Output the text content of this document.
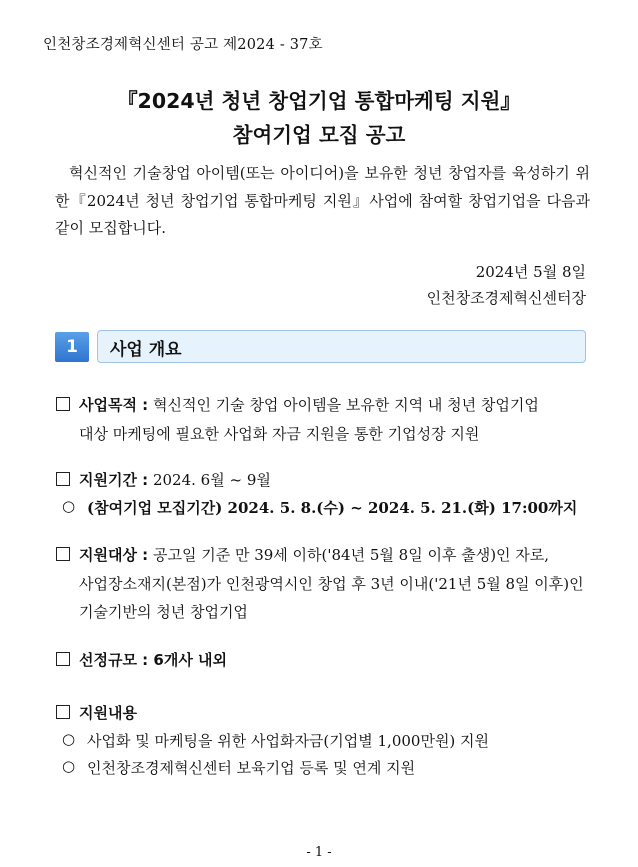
인천창조경제혁신센터 공고 제2024 - 37호
『2024년 청년 창업기업 통합마케팅 지원』
참여기업 모집 공고
혁신적인 기술창업 아이템(또는 아이디어)을 보유한 청년 창업자를 육성하기 위한『2024년 청년 창업기업 통합마케팅 지원』사업에 참여할 창업기업을 다음과 같이 모집합니다.
2024년 5월 8일
인천창조경제혁신센터장
1	사업 개요
사업목적 : 혁신적인 기술 창업 아이템을 보유한 지역 내 청년 창업기업
대상 마케팅에 필요한 사업화 자금 지원을 통한 기업성장 지원
지원기간 : 2024. 6월 ~ 9월
○ (참여기업 모집기간) 2024. 5. 8.(수) ~ 2024. 5. 21.(화) 17:00까지
지원대상 : 공고일 기준 만 39세 이하('84년 5월 8일 이후 출생)인 자로,
사업장소재지(본점)가 인천광역시인 창업 후 3년 이내('21년 5월 8일 이후)인
기술기반의 청년 창업기업
선정규모 : 6개사 내외
지원내용
○ 사업화 및 마케팅을 위한 사업화자금(기업별 1,000만원) 지원
○ 인천창조경제혁신센터 보육기업 등록 및 연계 지원
- 1 -
